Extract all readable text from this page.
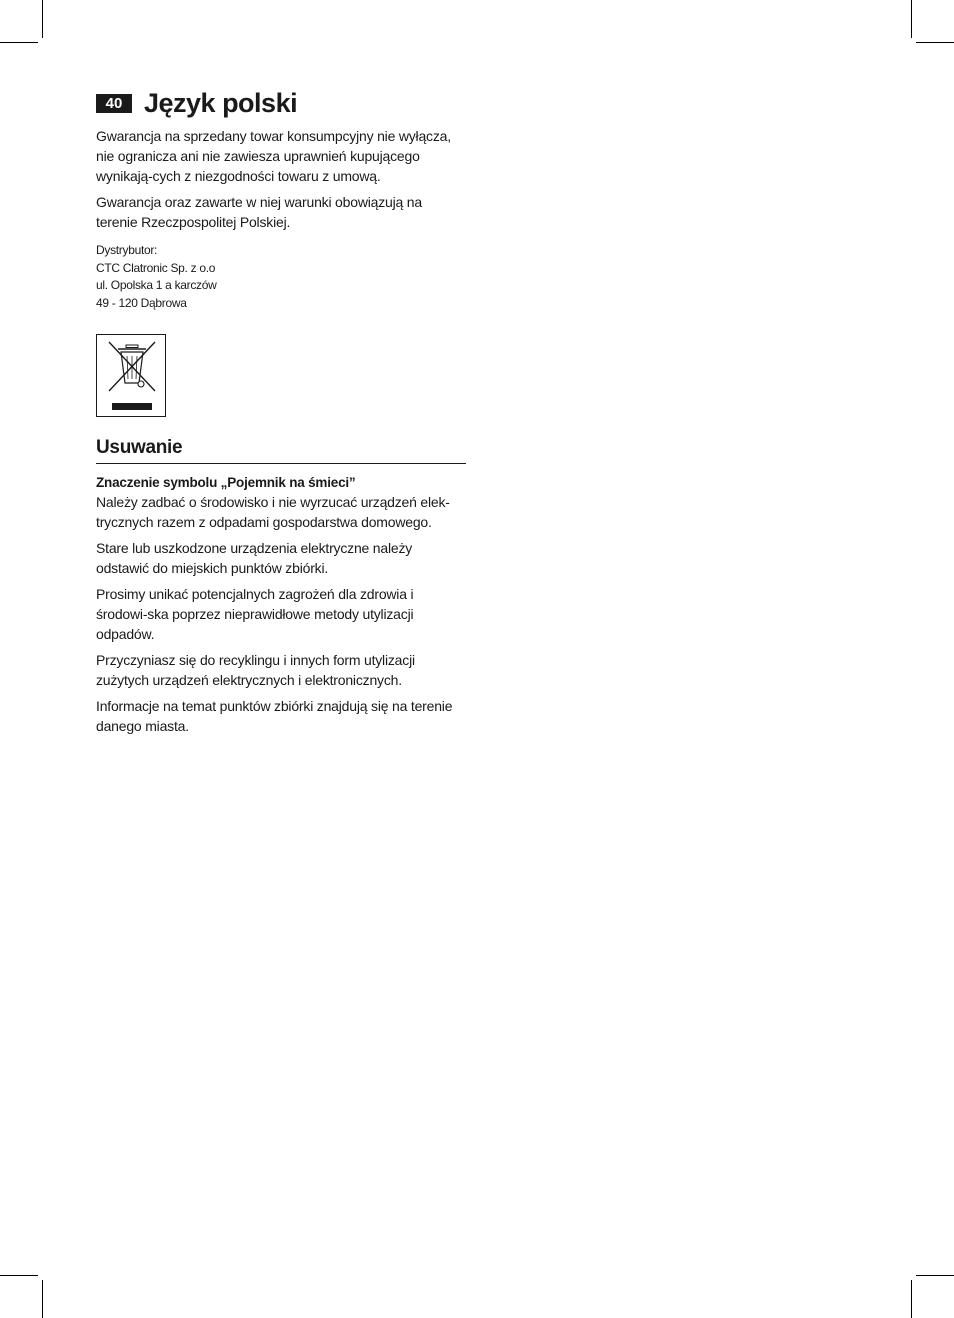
40 Język polski

Gwarancja na sprzedany towar konsumpcyjny nie wyłącza, nie ogranicza ani nie zawiesza uprawnień kupującego wynikają-cych z niezgodności towaru z umową.

Gwarancja oraz zawarte w niej warunki obowiązują na terenie Rzeczpospolitej Polskiej.

Dystrybutor:
CTC Clatronic Sp. z o.o
ul. Opolska 1 a karczów
49 - 120 Dąbrowa
Usuwanie
Znaczenie symbolu „Pojemnik na śmieci”

Należy zadbać o środowisko i nie wyrzucać urządzeń elek-trycznych razem z odpadami gospodarstwa domowego.

Stare lub uszkodzone urządzenia elektryczne należy odstawić do miejskich punktów zbiórki.

Prosimy unikać potencjalnych zagrożeń dla zdrowia i środowi-ska poprzez nieprawidłowe metody utylizacji odpadów.

Przyczyniasz się do recyklingu i innych form utylizacji zużytych urządzeń elektrycznych i elektronicznych.

Informacje na temat punktów zbiórki znajdują się na terenie danego miasta.
